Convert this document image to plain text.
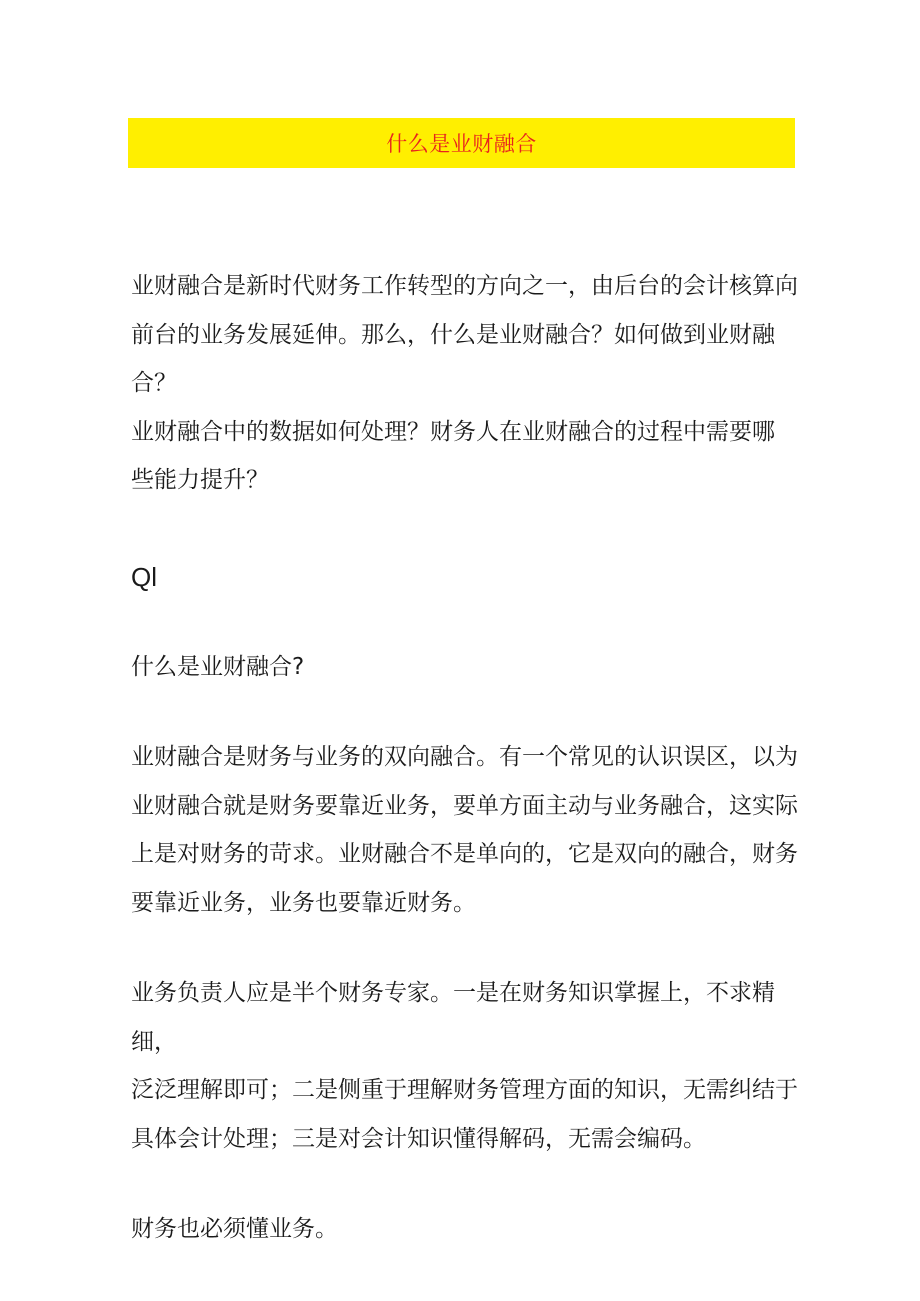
什么是业财融合

业财融合是新时代财务工作转型的方向之一，由后台的会计核算向
前台的业务发展延伸。那么，什么是业财融合？如何做到业财融合？
业财融合中的数据如何处理？财务人在业财融合的过程中需要哪
些能力提升？

Ql

什么是业财融合?

业财融合是财务与业务的双向融合。有一个常见的认识误区，以为
业财融合就是财务要靠近业务，要单方面主动与业务融合，这实际
上是对财务的苛求。业财融合不是单向的，它是双向的融合，财务
要靠近业务，业务也要靠近财务。

业务负责人应是半个财务专家。一是在财务知识掌握上，不求精细，
泛泛理解即可；二是侧重于理解财务管理方面的知识，无需纠结于
具体会计处理；三是对会计知识懂得解码，无需会编码。

财务也必须懂业务。
